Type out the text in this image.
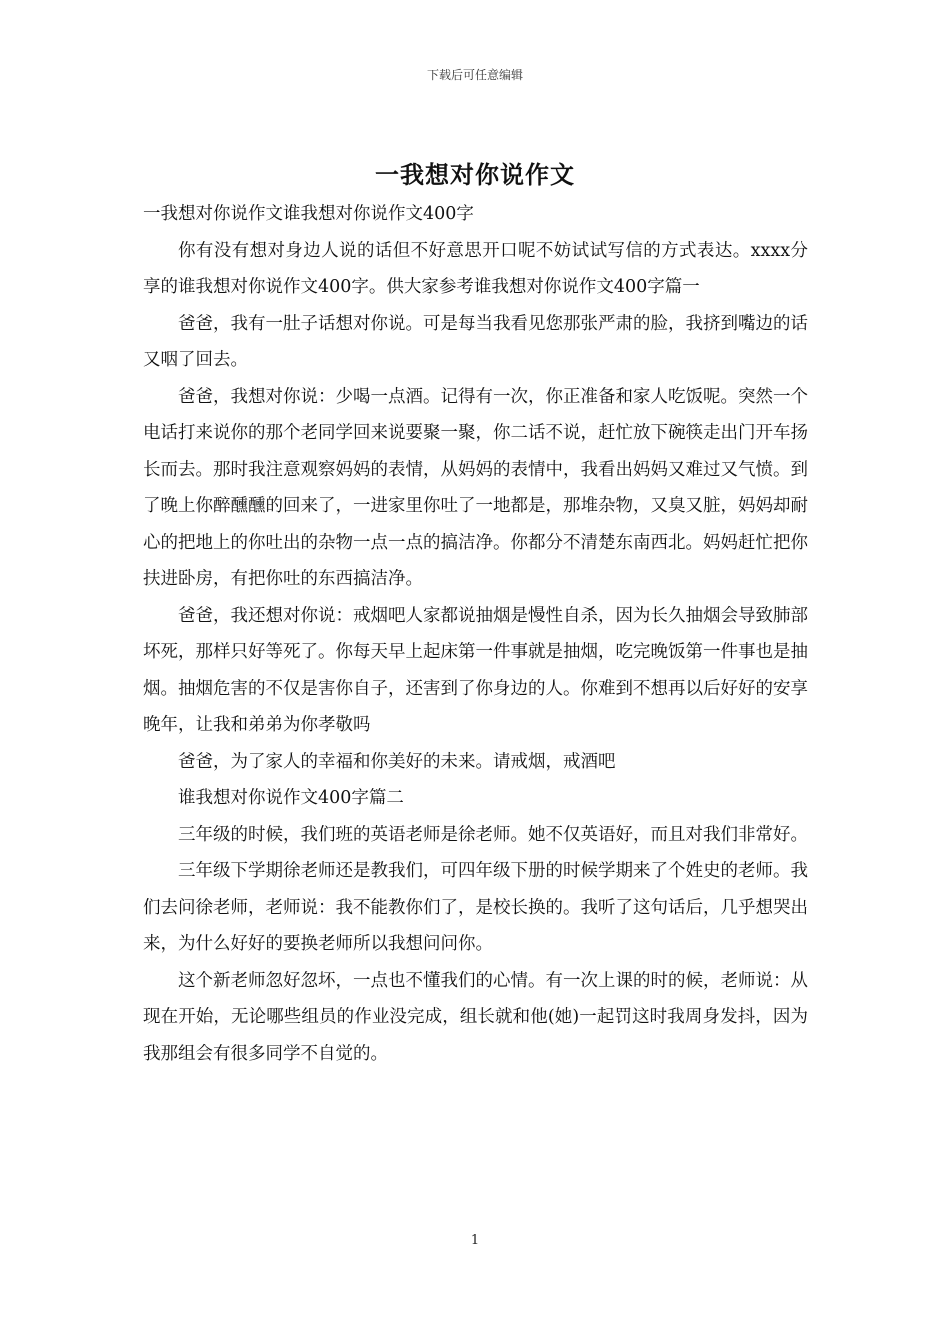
下载后可任意编辑
一我想对你说作文

一我想对你说作文谁我想对你说作文400字

你有没有想对身边人说的话但不好意思开口呢不妨试试写信的方式表达。xxxx分享的谁我想对你说作文400字。供大家参考谁我想对你说作文400字篇一

爸爸，我有一肚子话想对你说。可是每当我看见您那张严肃的脸，我挤到嘴边的话又咽了回去。

爸爸，我想对你说：少喝一点酒。记得有一次，你正准备和家人吃饭呢。突然一个电话打来说你的那个老同学回来说要聚一聚，你二话不说，赶忙放下碗筷走出门开车扬长而去。那时我注意观察妈妈的表情，从妈妈的表情中，我看出妈妈又难过又气愤。到了晚上你醉醺醺的回来了，一进家里你吐了一地都是，那堆杂物，又臭又脏，妈妈却耐心的把地上的你吐出的杂物一点一点的搞洁净。你都分不清楚东南西北。妈妈赶忙把你扶进卧房，有把你吐的东西搞洁净。

爸爸，我还想对你说：戒烟吧人家都说抽烟是慢性自杀，因为长久抽烟会导致肺部坏死，那样只好等死了。你每天早上起床第一件事就是抽烟，吃完晚饭第一件事也是抽烟。抽烟危害的不仅是害你自子，还害到了你身边的人。你难到不想再以后好好的安享晚年，让我和弟弟为你孝敬吗

爸爸，为了家人的幸福和你美好的未来。请戒烟，戒酒吧

谁我想对你说作文400字篇二

三年级的时候，我们班的英语老师是徐老师。她不仅英语好，而且对我们非常好。

三年级下学期徐老师还是教我们，可四年级下册的时候学期来了个姓史的老师。我们去问徐老师，老师说：我不能教你们了，是校长换的。我听了这句话后，几乎想哭出来，为什么好好的要换老师所以我想问问你。

这个新老师忽好忽坏，一点也不懂我们的心情。有一次上课的时的候，老师说：从现在开始，无论哪些组员的作业没完成，组长就和他(她)一起罚这时我周身发抖，因为我那组会有很多同学不自觉的。

1
